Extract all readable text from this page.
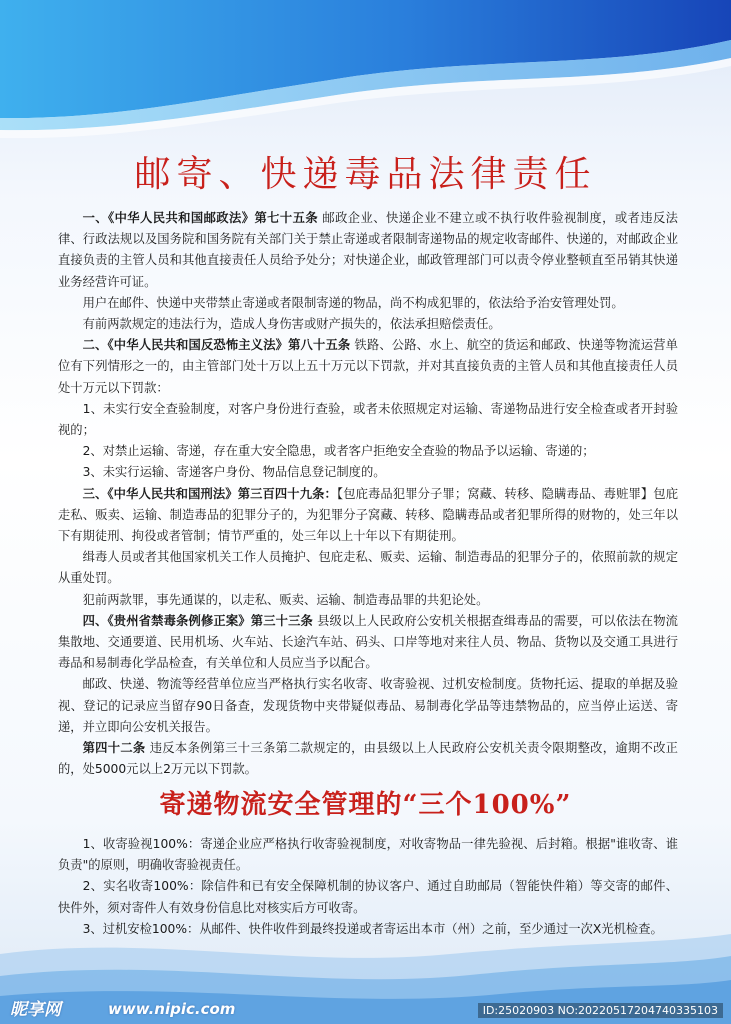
邮寄、快递毒品法律责任

一、《中华人民共和国邮政法》第七十五条 邮政企业、快递企业不建立或不执行收件验视制度，或者违反法律、行政法规以及国务院和国务院有关部门关于禁止寄递或者限制寄递物品的规定收寄邮件、快递的，对邮政企业直接负责的主管人员和其他直接责任人员给予处分；对快递企业，邮政管理部门可以责令停业整顿直至吊销其快递业务经营许可证。

用户在邮件、快递中夹带禁止寄递或者限制寄递的物品，尚不构成犯罪的，依法给予治安管理处罚。

有前两款规定的违法行为，造成人身伤害或财产损失的，依法承担赔偿责任。

二、《中华人民共和国反恐怖主义法》第八十五条 铁路、公路、水上、航空的货运和邮政、快递等物流运营单位有下列情形之一的，由主管部门处十万以上五十万元以下罚款，并对其直接负责的主管人员和其他直接责任人员处十万元以下罚款：

1、未实行安全查验制度，对客户身份进行查验，或者未依照规定对运输、寄递物品进行安全检查或者开封验视的；

2、对禁止运输、寄递，存在重大安全隐患，或者客户拒绝安全查验的物品予以运输、寄递的；

3、未实行运输、寄递客户身份、物品信息登记制度的。

三、《中华人民共和国刑法》第三百四十九条：【包庇毒品犯罪分子罪；窝藏、转移、隐瞒毒品、毒赃罪】包庇走私、贩卖、运输、制造毒品的犯罪分子的，为犯罪分子窝藏、转移、隐瞒毒品或者犯罪所得的财物的，处三年以下有期徒刑、拘役或者管制；情节严重的，处三年以上十年以下有期徒刑。

缉毒人员或者其他国家机关工作人员掩护、包庇走私、贩卖、运输、制造毒品的犯罪分子的，依照前款的规定从重处罚。

犯前两款罪，事先通谋的，以走私、贩卖、运输、制造毒品罪的共犯论处。

四、《贵州省禁毒条例修正案》第三十三条 县级以上人民政府公安机关根据查缉毒品的需要，可以依法在物流集散地、交通要道、民用机场、火车站、长途汽车站、码头、口岸等地对来往人员、物品、货物以及交通工具进行毒品和易制毒化学品检查，有关单位和人员应当予以配合。

邮政、快递、物流等经营单位应当严格执行实名收寄、收寄验视、过机安检制度。货物托运、提取的单据及验视、登记的记录应当留存90日备查，发现货物中夹带疑似毒品、易制毒化学品等违禁物品的，应当停止运送、寄递，并立即向公安机关报告。

第四十二条 违反本条例第三十三条第二款规定的，由县级以上人民政府公安机关责令限期整改，逾期不改正的，处5000元以上2万元以下罚款。

寄递物流安全管理的“三个100%”

1、收寄验视100%：寄递企业应严格执行收寄验视制度，对收寄物品一律先验视、后封箱。根据"谁收寄、谁负责"的原则，明确收寄验视责任。

2、实名收寄100%：除信件和已有安全保障机制的协议客户、通过自助邮局（智能快件箱）等交寄的邮件、快件外，须对寄件人有效身份信息比对核实后方可收寄。

3、过机安检100%：从邮件、快件收件到最终投递或者寄运出本市（州）之前，至少通过一次X光机检查。

昵享网	www.nipic.com	ID:25020903 NO:20220517204740335103
